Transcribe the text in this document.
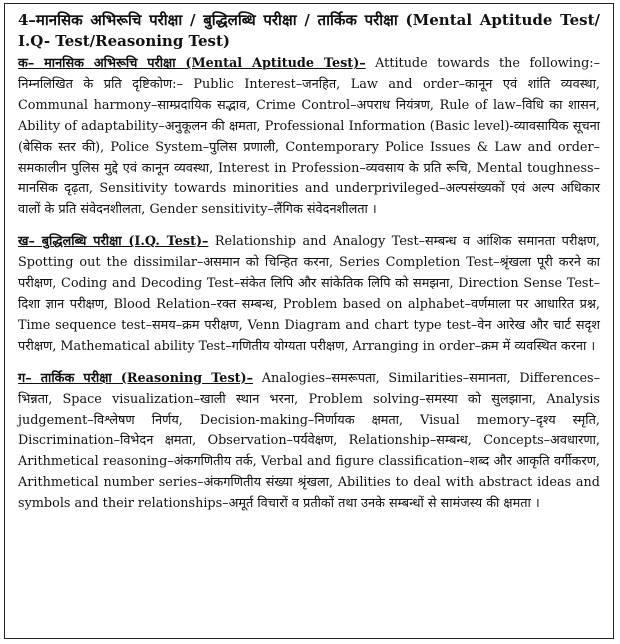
4–मानसिक अभिरूचि परीक्षा / बुद्धिलब्धि परीक्षा / तार्किक परीक्षा (Mental Aptitude Test/ I.Q- Test/Reasoning Test)

क– मानसिक अभिरूचि परीक्षा (Mental Aptitude Test)– Attitude towards the following:–निम्नलिखित के प्रति दृष्टिकोण:– Public Interest–जनहित, Law and order–कानून एवं शांति व्यवस्था, Communal harmony–साम्प्रदायिक सद्भाव, Crime Control–अपराध नियंत्रण, Rule of law–विधि का शासन, Ability of adaptability–अनुकूलन की क्षमता, Professional Information (Basic level)-व्यावसायिक सूचना (बेसिक स्तर की), Police System–पुलिस प्रणाली, Contemporary Police Issues & Law and order–समकालीन पुलिस मुद्दे एवं कानून व्यवस्था, Interest in Profession–व्यवसाय के प्रति रूचि, Mental toughness–मानसिक दृढ़ता, Sensitivity towards minorities and underprivileged–अल्पसंख्यकों एवं अल्प अधिकार वालों के प्रति संवेदनशीलता, Gender sensitivity–लैंगिक संवेदनशीलता ।

ख– बुद्धिलब्धि परीक्षा (I.Q. Test)– Relationship and Analogy Test–सम्बन्ध व आंशिक समानता परीक्षण, Spotting out the dissimilar–असमान को चिन्हित करना, Series Completion Test–श्रृंखला पूरी करने का परीक्षण, Coding and Decoding Test–संकेत लिपि और सांकेतिक लिपि को समझना, Direction Sense Test–दिशा ज्ञान परीक्षण, Blood Relation–रक्त सम्बन्ध, Problem based on alphabet–वर्णमाला पर आधारित प्रश्न, Time sequence test–समय–क्रम परीक्षण, Venn Diagram and chart type test–वेन आरेख और चार्ट सदृश परीक्षण, Mathematical ability Test–गणितीय योग्यता परीक्षण, Arranging in order–क्रम में व्यवस्थित करना ।

ग– तार्किक परीक्षा (Reasoning Test)– Analogies–समरूपता, Similarities–समानता, Differences–भिन्नता, Space visualization–खाली स्थान भरना, Problem solving–समस्या को सुलझाना, Analysis judgement–विश्लेषण निर्णय, Decision-making–निर्णायक क्षमता, Visual memory–दृश्य स्मृति, Discrimination–विभेदन क्षमता, Observation–पर्यवेक्षण, Relationship–सम्बन्ध, Concepts–अवधारणा, Arithmetical reasoning–अंकगणितीय तर्क, Verbal and figure classification–शब्द और आकृति वर्गीकरण, Arithmetical number series–अंकगणितीय संख्या श्रृंखला, Abilities to deal with abstract ideas and symbols and their relationships–अमूर्त विचारों व प्रतीकों तथा उनके सम्बन्धों से सामंजस्य की क्षमता ।
